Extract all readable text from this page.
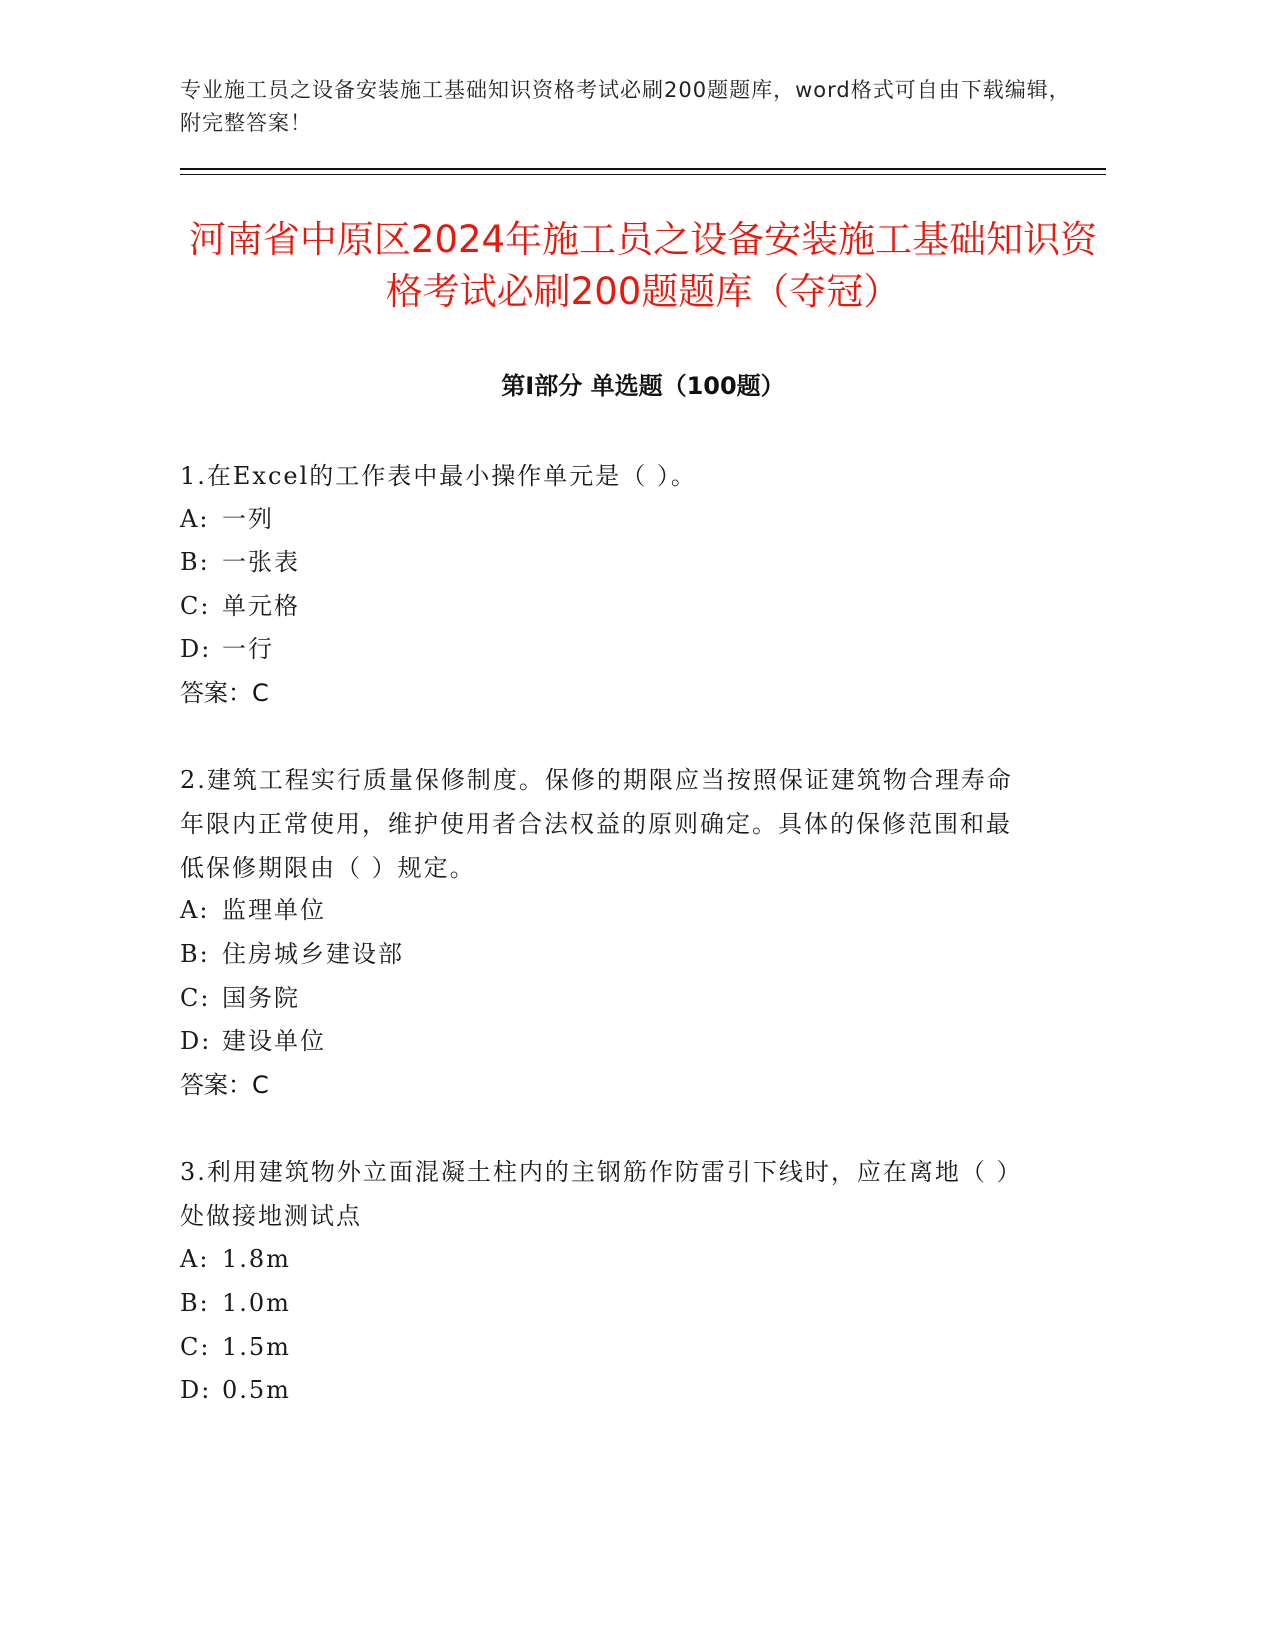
专业施工员之设备安装施工基础知识资格考试必刷200题题库，word格式可自由下载编辑，附完整答案！
河南省中原区2024年施工员之设备安装施工基础知识资格考试必刷200题题库（夺冠）
第Ⅰ部分 单选题（100题）
1.在Excel的工作表中最小操作单元是（ ）。
A: 一列
B: 一张表
C: 单元格
D: 一行
答案：C
2.建筑工程实行质量保修制度。保修的期限应当按照保证建筑物合理寿命年限内正常使用，维护使用者合法权益的原则确定。具体的保修范围和最低保修期限由（ ）规定。
A: 监理单位
B: 住房城乡建设部
C: 国务院
D: 建设单位
答案：C
3.利用建筑物外立面混凝土柱内的主钢筋作防雷引下线时，应在离地（ ）处做接地测试点
A: 1.8m
B: 1.0m
C: 1.5m
D: 0.5m
